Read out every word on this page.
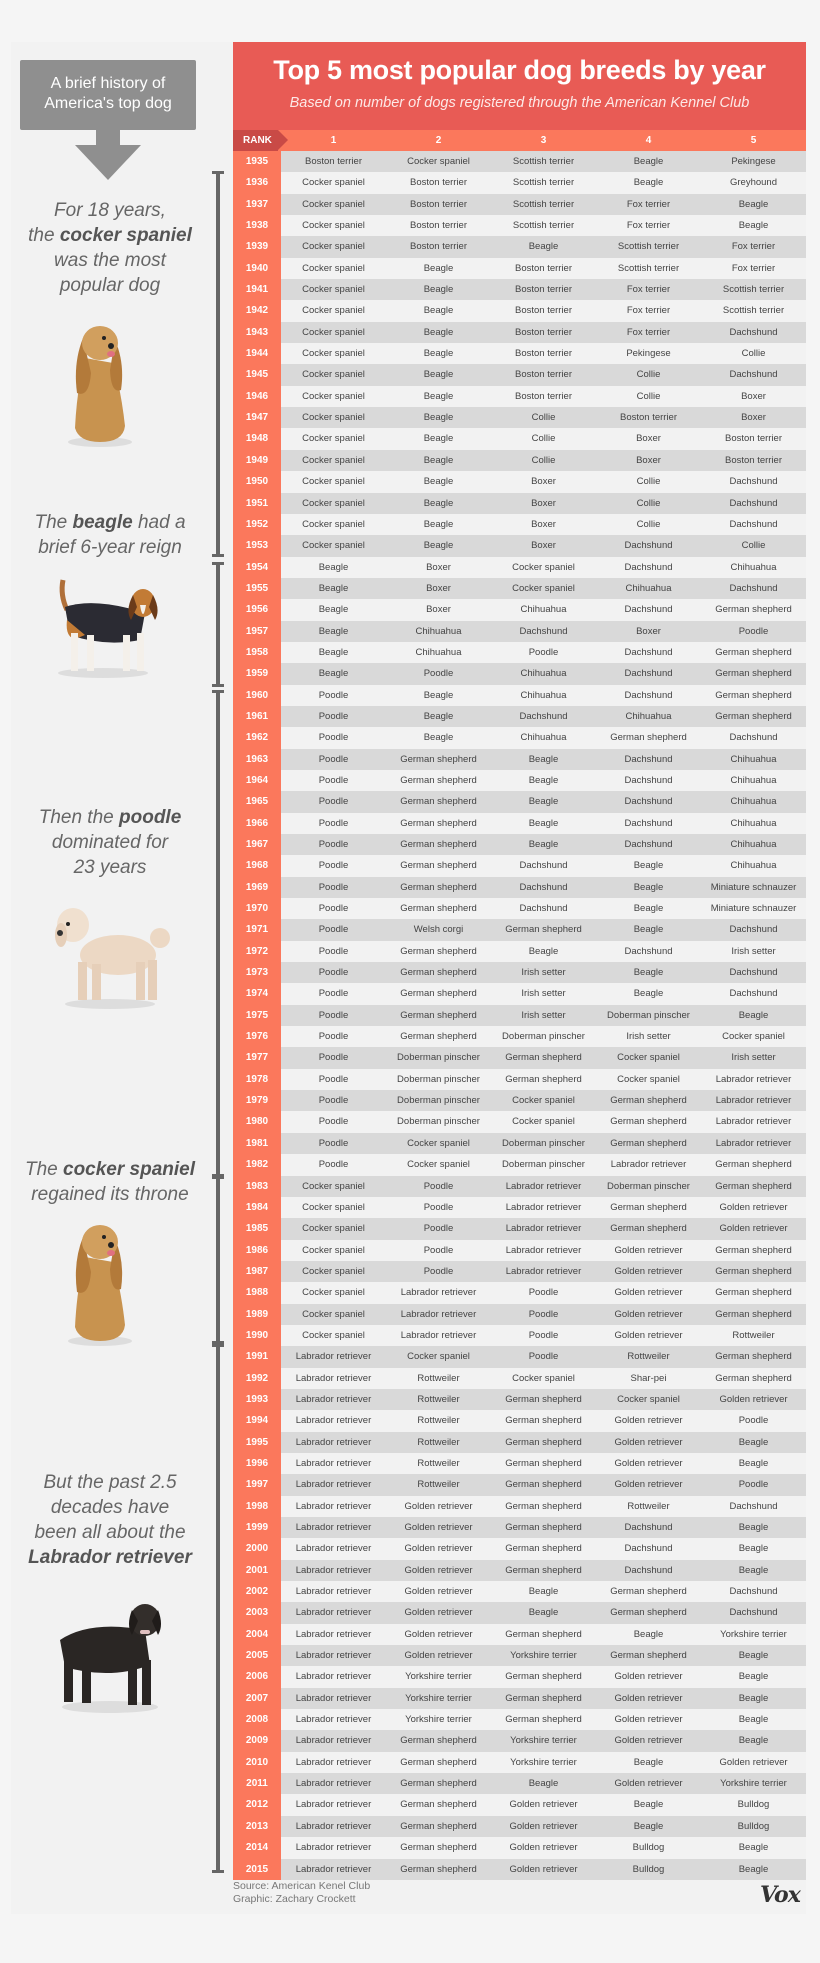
A brief history of
America's top dog
For 18 years,
the cocker spaniel
was the most
popular dog
The beagle had a
brief 6-year reign
Then the poodle
dominated for
23 years
The cocker spaniel
regained its throne
But the past 2.5
decades have
been all about the
Labrador retriever
Top 5 most popular dog breeds by year
Based on number of dogs registered through the American Kennel Club
RANK	1	2	3	4	5
1935	Boston terrier	Cocker spaniel	Scottish terrier	Beagle	Pekingese
1936	Cocker spaniel	Boston terrier	Scottish terrier	Beagle	Greyhound
1937	Cocker spaniel	Boston terrier	Scottish terrier	Fox terrier	Beagle
1938	Cocker spaniel	Boston terrier	Scottish terrier	Fox terrier	Beagle
1939	Cocker spaniel	Boston terrier	Beagle	Scottish terrier	Fox terrier
1940	Cocker spaniel	Beagle	Boston terrier	Scottish terrier	Fox terrier
1941	Cocker spaniel	Beagle	Boston terrier	Fox terrier	Scottish terrier
1942	Cocker spaniel	Beagle	Boston terrier	Fox terrier	Scottish terrier
1943	Cocker spaniel	Beagle	Boston terrier	Fox terrier	Dachshund
1944	Cocker spaniel	Beagle	Boston terrier	Pekingese	Collie
1945	Cocker spaniel	Beagle	Boston terrier	Collie	Dachshund
1946	Cocker spaniel	Beagle	Boston terrier	Collie	Boxer
1947	Cocker spaniel	Beagle	Collie	Boston terrier	Boxer
1948	Cocker spaniel	Beagle	Collie	Boxer	Boston terrier
1949	Cocker spaniel	Beagle	Collie	Boxer	Boston terrier
1950	Cocker spaniel	Beagle	Boxer	Collie	Dachshund
1951	Cocker spaniel	Beagle	Boxer	Collie	Dachshund
1952	Cocker spaniel	Beagle	Boxer	Collie	Dachshund
1953	Cocker spaniel	Beagle	Boxer	Dachshund	Collie
1954	Beagle	Boxer	Cocker spaniel	Dachshund	Chihuahua
1955	Beagle	Boxer	Cocker spaniel	Chihuahua	Dachshund
1956	Beagle	Boxer	Chihuahua	Dachshund	German shepherd
1957	Beagle	Chihuahua	Dachshund	Boxer	Poodle
1958	Beagle	Chihuahua	Poodle	Dachshund	German shepherd
1959	Beagle	Poodle	Chihuahua	Dachshund	German shepherd
1960	Poodle	Beagle	Chihuahua	Dachshund	German shepherd
1961	Poodle	Beagle	Dachshund	Chihuahua	German shepherd
1962	Poodle	Beagle	Chihuahua	German shepherd	Dachshund
1963	Poodle	German shepherd	Beagle	Dachshund	Chihuahua
1964	Poodle	German shepherd	Beagle	Dachshund	Chihuahua
1965	Poodle	German shepherd	Beagle	Dachshund	Chihuahua
1966	Poodle	German shepherd	Beagle	Dachshund	Chihuahua
1967	Poodle	German shepherd	Beagle	Dachshund	Chihuahua
1968	Poodle	German shepherd	Dachshund	Beagle	Chihuahua
1969	Poodle	German shepherd	Dachshund	Beagle	Miniature schnauzer
1970	Poodle	German shepherd	Dachshund	Beagle	Miniature schnauzer
1971	Poodle	Welsh corgi	German shepherd	Beagle	Dachshund
1972	Poodle	German shepherd	Beagle	Dachshund	Irish setter
1973	Poodle	German shepherd	Irish setter	Beagle	Dachshund
1974	Poodle	German shepherd	Irish setter	Beagle	Dachshund
1975	Poodle	German shepherd	Irish setter	Doberman pinscher	Beagle
1976	Poodle	German shepherd	Doberman pinscher	Irish setter	Cocker spaniel
1977	Poodle	Doberman pinscher	German shepherd	Cocker spaniel	Irish setter
1978	Poodle	Doberman pinscher	German shepherd	Cocker spaniel	Labrador retriever
1979	Poodle	Doberman pinscher	Cocker spaniel	German shepherd	Labrador retriever
1980	Poodle	Doberman pinscher	Cocker spaniel	German shepherd	Labrador retriever
1981	Poodle	Cocker spaniel	Doberman pinscher	German shepherd	Labrador retriever
1982	Poodle	Cocker spaniel	Doberman pinscher	Labrador retriever	German shepherd
1983	Cocker spaniel	Poodle	Labrador retriever	Doberman pinscher	German shepherd
1984	Cocker spaniel	Poodle	Labrador retriever	German shepherd	Golden retriever
1985	Cocker spaniel	Poodle	Labrador retriever	German shepherd	Golden retriever
1986	Cocker spaniel	Poodle	Labrador retriever	Golden retriever	German shepherd
1987	Cocker spaniel	Poodle	Labrador retriever	Golden retriever	German shepherd
1988	Cocker spaniel	Labrador retriever	Poodle	Golden retriever	German shepherd
1989	Cocker spaniel	Labrador retriever	Poodle	Golden retriever	German shepherd
1990	Cocker spaniel	Labrador retriever	Poodle	Golden retriever	Rottweiler
1991	Labrador retriever	Cocker spaniel	Poodle	Rottweiler	German shepherd
1992	Labrador retriever	Rottweiler	Cocker spaniel	Shar-pei	German shepherd
1993	Labrador retriever	Rottweiler	German shepherd	Cocker spaniel	Golden retriever
1994	Labrador retriever	Rottweiler	German shepherd	Golden retriever	Poodle
1995	Labrador retriever	Rottweiler	German shepherd	Golden retriever	Beagle
1996	Labrador retriever	Rottweiler	German shepherd	Golden retriever	Beagle
1997	Labrador retriever	Rottweiler	German shepherd	Golden retriever	Poodle
1998	Labrador retriever	Golden retriever	German shepherd	Rottweiler	Dachshund
1999	Labrador retriever	Golden retriever	German shepherd	Dachshund	Beagle
2000	Labrador retriever	Golden retriever	German shepherd	Dachshund	Beagle
2001	Labrador retriever	Golden retriever	German shepherd	Dachshund	Beagle
2002	Labrador retriever	Golden retriever	Beagle	German shepherd	Dachshund
2003	Labrador retriever	Golden retriever	Beagle	German shepherd	Dachshund
2004	Labrador retriever	Golden retriever	German shepherd	Beagle	Yorkshire terrier
2005	Labrador retriever	Golden retriever	Yorkshire terrier	German shepherd	Beagle
2006	Labrador retriever	Yorkshire terrier	German shepherd	Golden retriever	Beagle
2007	Labrador retriever	Yorkshire terrier	German shepherd	Golden retriever	Beagle
2008	Labrador retriever	Yorkshire terrier	German shepherd	Golden retriever	Beagle
2009	Labrador retriever	German shepherd	Yorkshire terrier	Golden retriever	Beagle
2010	Labrador retriever	German shepherd	Yorkshire terrier	Beagle	Golden retriever
2011	Labrador retriever	German shepherd	Beagle	Golden retriever	Yorkshire terrier
2012	Labrador retriever	German shepherd	Golden retriever	Beagle	Bulldog
2013	Labrador retriever	German shepherd	Golden retriever	Beagle	Bulldog
2014	Labrador retriever	German shepherd	Golden retriever	Bulldog	Beagle
2015	Labrador retriever	German shepherd	Golden retriever	Bulldog	Beagle
Source: American Kenel Club
Graphic: Zachary Crockett	Vox
